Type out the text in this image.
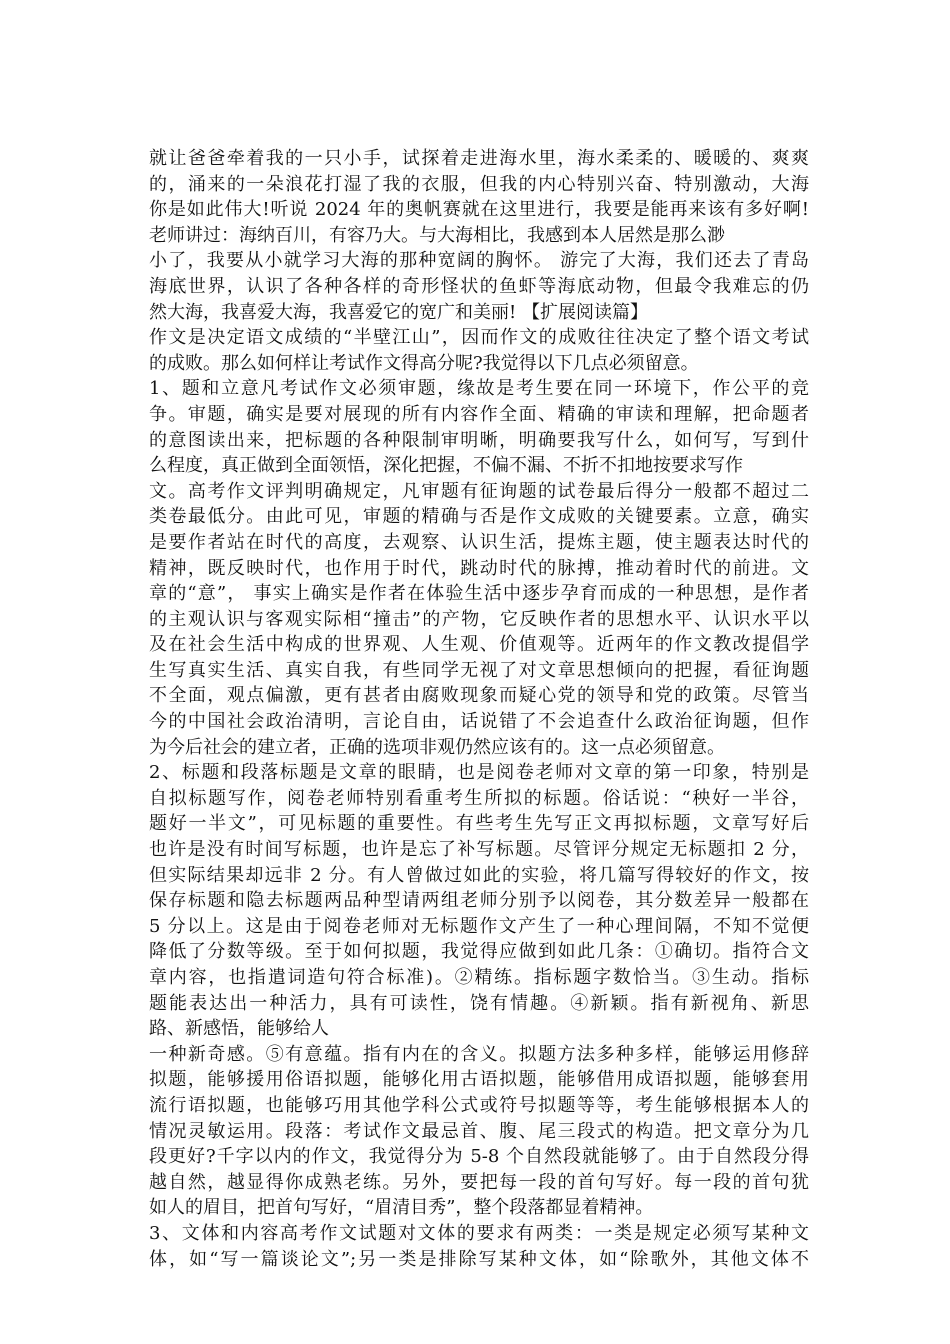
就让爸爸牵着我的一只小手，试探着走进海水里，海水柔柔的、暖暖的、爽爽
的，涌来的一朵浪花打湿了我的衣服，但我的内心特别兴奋、特别激动，大海
你是如此伟大!听说 2024 年的奥帆赛就在这里进行，我要是能再来该有多好啊!
老师讲过：海纳百川，有容乃大。与大海相比，我感到本人居然是那么渺
小了，我要从小就学习大海的那种宽阔的胸怀。 游完了大海，我们还去了青岛
海底世界，认识了各种各样的奇形怪状的鱼虾等海底动物，但最令我难忘的仍
然大海，我喜爱大海，我喜爱它的宽广和美丽! 【扩展阅读篇】
作文是决定语文成绩的“半壁江山”，因而作文的成败往往决定了整个语文考试
的成败。那么如何样让考试作文得高分呢?我觉得以下几点必须留意。
1、题和立意凡考试作文必须审题，缘故是考生要在同一环境下，作公平的竞
争。审题，确实是要对展现的所有内容作全面、精确的审读和理解，把命题者
的意图读出来，把标题的各种限制审明晰，明确要我写什么，如何写，写到什
么程度，真正做到全面领悟，深化把握，不偏不漏、不折不扣地按要求写作
文。高考作文评判明确规定，凡审题有征询题的试卷最后得分一般都不超过二
类卷最低分。由此可见，审题的精确与否是作文成败的关键要素。立意，确实
是要作者站在时代的高度，去观察、认识生活，提炼主题，使主题表达时代的
精神，既反映时代，也作用于时代，跳动时代的脉搏，推动着时代的前进。文
章的“意”， 事实上确实是作者在体验生活中逐步孕育而成的一种思想，是作者
的主观认识与客观实际相“撞击”的产物，它反映作者的思想水平、认识水平以
及在社会生活中构成的世界观、人生观、价值观等。近两年的作文教改提倡学
生写真实生活、真实自我，有些同学无视了对文章思想倾向的把握，看征询题
不全面，观点偏激，更有甚者由腐败现象而疑心党的领导和党的政策。尽管当
今的中国社会政治清明，言论自由，话说错了不会追查什么政治征询题，但作
为今后社会的建立者，正确的选项非观仍然应该有的。这一点必须留意。
2、标题和段落标题是文章的眼睛，也是阅卷老师对文章的第一印象，特别是
自拟标题写作，阅卷老师特别看重考生所拟的标题。俗话说：“秧好一半谷，
题好一半文”，可见标题的重要性。有些考生先写正文再拟标题，文章写好后
也许是没有时间写标题，也许是忘了补写标题。尽管评分规定无标题扣 2 分，
但实际结果却远非 2 分。有人曾做过如此的实验，将几篇写得较好的作文，按
保存标题和隐去标题两品种型请两组老师分别予以阅卷，其分数差异一般都在
5 分以上。这是由于阅卷老师对无标题作文产生了一种心理间隔，不知不觉便
降低了分数等级。至于如何拟题，我觉得应做到如此几条：①确切。指符合文
章内容，也指遣词造句符合标准)。②精练。指标题字数恰当。③生动。指标
题能表达出一种活力，具有可读性，饶有情趣。④新颖。指有新视角、新思
路、新感悟，能够给人
一种新奇感。⑤有意蕴。指有内在的含义。拟题方法多种多样，能够运用修辞
拟题，能够援用俗语拟题，能够化用古语拟题，能够借用成语拟题，能够套用
流行语拟题，也能够巧用其他学科公式或符号拟题等等，考生能够根据本人的
情况灵敏运用。段落：考试作文最忌首、腹、尾三段式的构造。把文章分为几
段更好?千字以内的作文，我觉得分为 5-8 个自然段就能够了。由于自然段分得
越自然，越显得你成熟老练。另外，要把每一段的首句写好。每一段的首句犹
如人的眉目，把首句写好，“眉清目秀”，整个段落都显着精神。
3、文体和内容高考作文试题对文体的要求有两类：一类是规定必须写某种文
体，如“写一篇谈论文”;另一类是排除写某种文体，如“除歌外，其他文体不
